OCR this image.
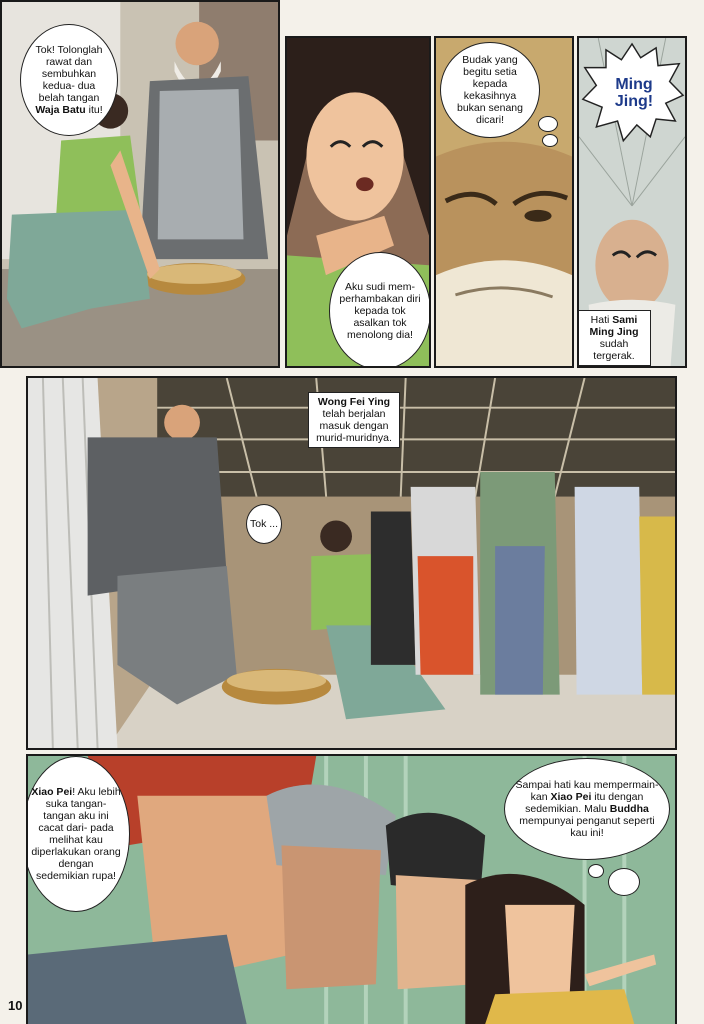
Tok! Tolonglah rawat dan sembuhkan kedua- dua belah tangan Waja Batu itu!
Aku sudi mem- perhambakan diri kepada tok asalkan tok menolong dia!
Budak yang begitu setia kepada kekasihnya bukan senang dicari!
Ming Jing!
Hati Sami Ming Jing sudah tergerak.
Wong Fei Ying telah berjalan masuk dengan murid-muridnya.
Tok ...
Xiao Pei! Aku lebih suka tangan-tangan aku ini cacat dari- pada melihat kau diperlakukan orang dengan sedemikian rupa!
Sampai hati kau mempermain- kan Xiao Pei itu dengan sedemikian. Malu Buddha mempunyai penganut seperti kau ini!
10
